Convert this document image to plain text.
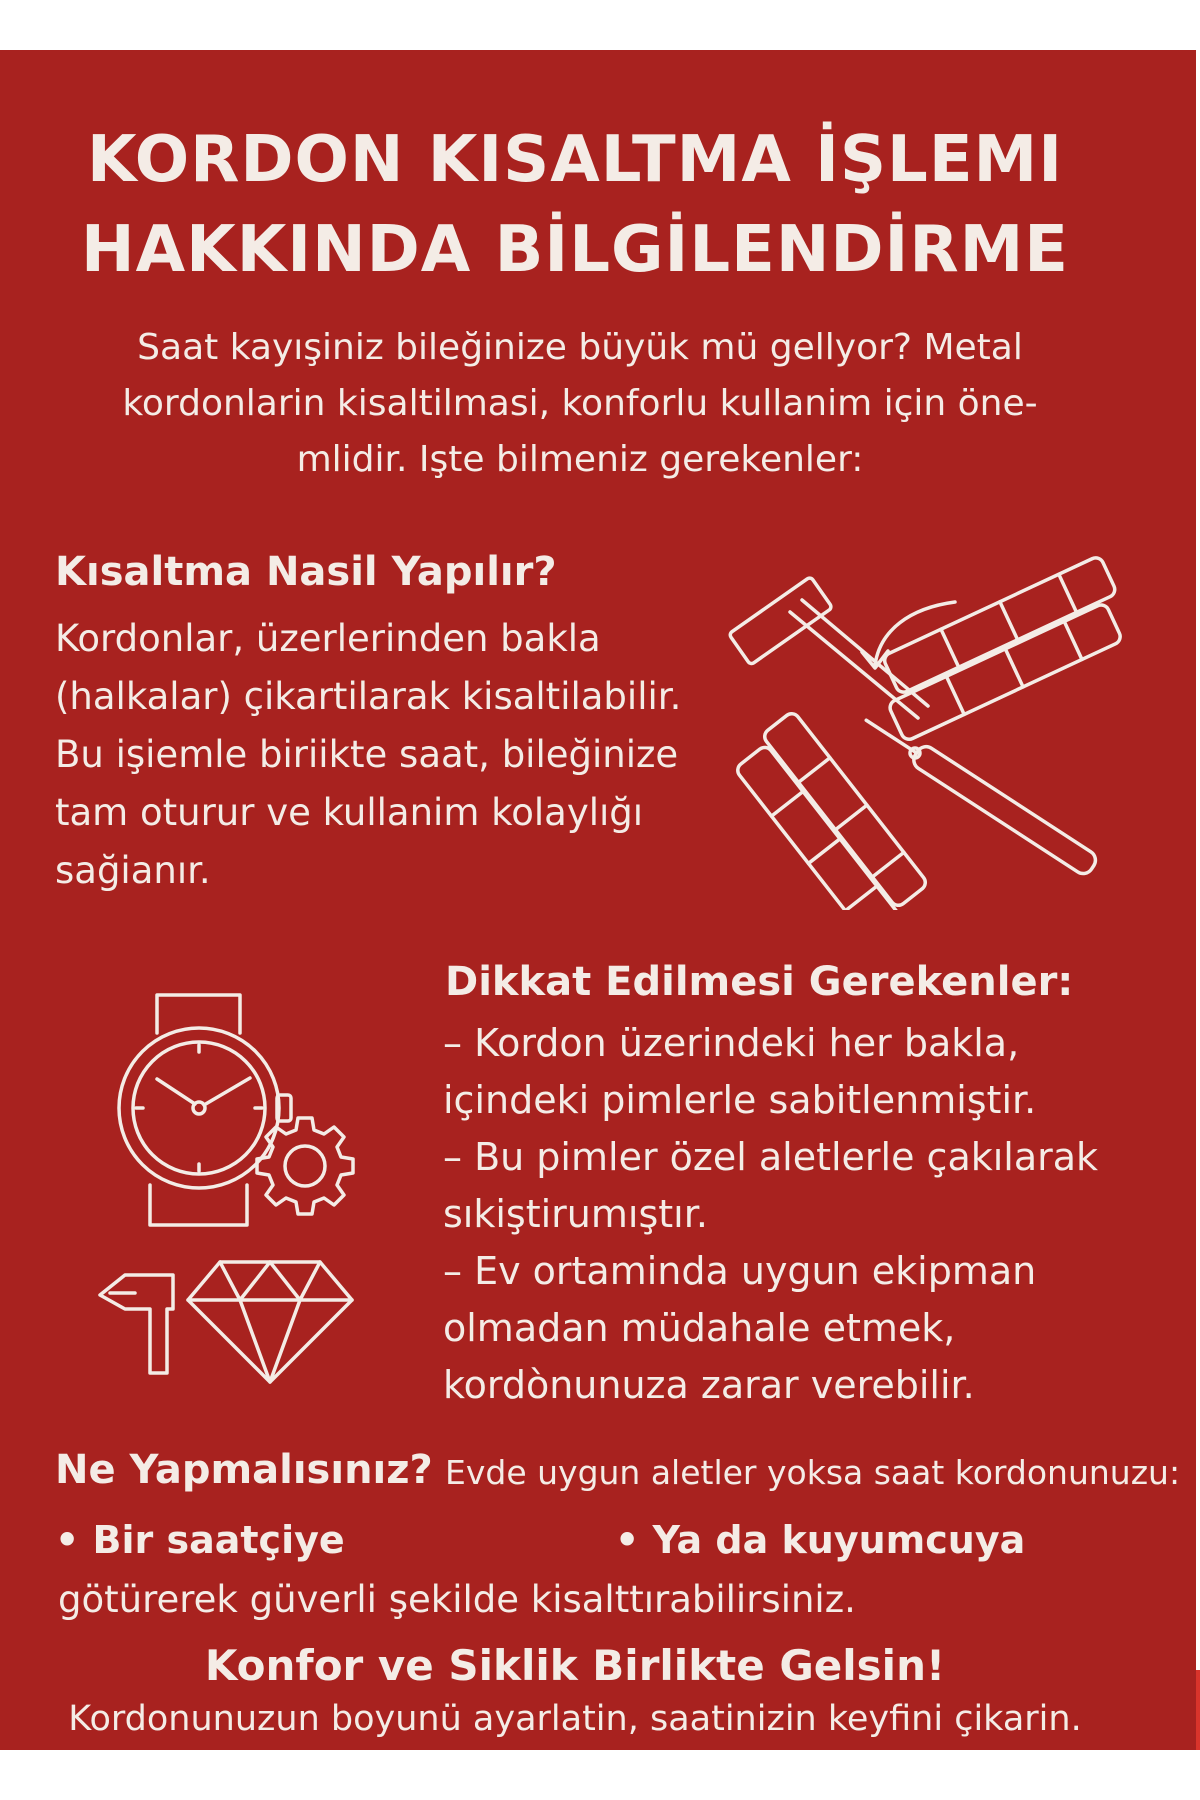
KORDON KISALTMA İŞLEMI
HAKKINDA BİLGİLENDİRME
Saat kayışiniz bileğinize büyük mü gellyor? Metal
kordonlarin kisaltilmasi, konforlu kullanim için öne-
mlidir. Işte bilmeniz gerekenler:
Kısaltma Nasil Yapılır?
Kordonlar, üzerlerinden bakla
(halkalar) çikartilarak kisaltilabilir.
Bu işiemle biriikte saat, bileğinize
tam oturur ve kullanim kolaylığı
sağianır.
Dikkat Edilmesi Gerekenler:
– Kordon üzerindeki her bakla,
içindeki pimlerle sabitlenmiştir.
– Bu pimler özel aletlerle çakılarak
sıkiştirumıştır.
– Ev ortaminda uygun ekipman
olmadan müdahale etmek,
kordònunuza zarar verebilir.
Ne Yapmalısınız? Evde uygun aletler yoksa saat kordonunuzu:
• Bir saatçiye	• Ya da kuyumcuya
götürerek güverli şekilde kisalttırabilirsiniz.
Konfor ve Siklik Birlikte Gelsin!
Kordonunuzun boyunü ayarlatin, saatinizin keyfini çikarin.
